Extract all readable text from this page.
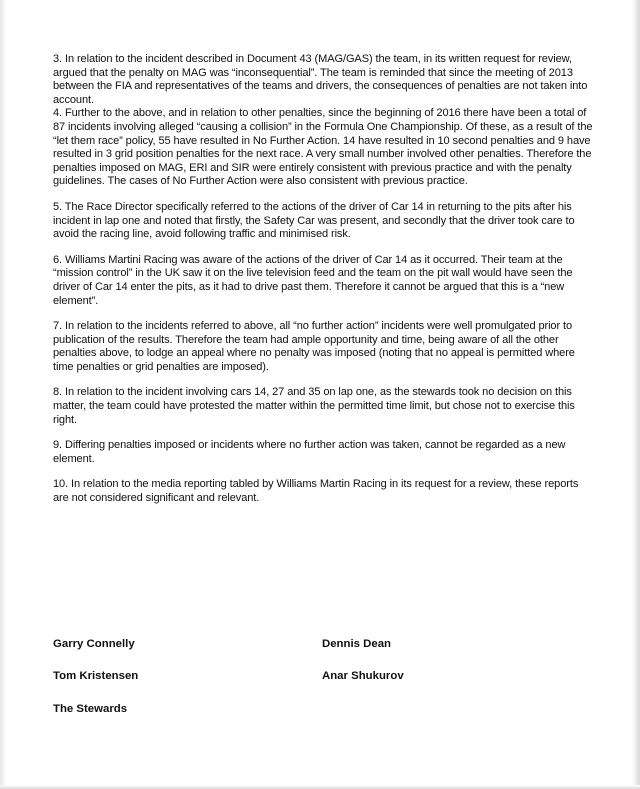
3. In relation to the incident described in Document 43 (MAG/GAS) the team, in its written request for review, argued that the penalty on MAG was “inconsequential”. The team is reminded that since the meeting of 2013 between the FIA and representatives of the teams and drivers, the consequences of penalties are not taken into account.

4. Further to the above, and in relation to other penalties, since the beginning of 2016 there have been a total of 87 incidents involving alleged “causing a collision” in the Formula One Championship. Of these, as a result of the “let them race” policy, 55 have resulted in No Further Action. 14 have resulted in 10 second penalties and 9 have resulted in 3 grid position penalties for the next race. A very small number involved other penalties. Therefore the penalties imposed on MAG, ERI and SIR were entirely consistent with previous practice and with the penalty guidelines. The cases of No Further Action were also consistent with previous practice.

5. The Race Director specifically referred to the actions of the driver of Car 14 in returning to the pits after his incident in lap one and noted that firstly, the Safety Car was present, and secondly that the driver took care to avoid the racing line, avoid following traffic and minimised risk.

6. Williams Martini Racing was aware of the actions of the driver of Car 14 as it occurred. Their team at the “mission control” in the UK saw it on the live television feed and the team on the pit wall would have seen the driver of Car 14 enter the pits, as it had to drive past them. Therefore it cannot be argued that this is a “new element”.

7. In relation to the incidents referred to above, all “no further action” incidents were well promulgated prior to publication of the results. Therefore the team had ample opportunity and time, being aware of all the other penalties above, to lodge an appeal where no penalty was imposed (noting that no appeal is permitted where time penalties or grid penalties are imposed).

8. In relation to the incident involving cars 14, 27 and 35 on lap one, as the stewards took no decision on this matter, the team could have protested the matter within the permitted time limit, but chose not to exercise this right.

9. Differing penalties imposed or incidents where no further action was taken, cannot be regarded as a new element.

10. In relation to the media reporting tabled by Williams Martin Racing in its request for a review, these reports are not considered significant and relevant.

Garry Connelly	Dennis Dean
Tom Kristensen	Anar Shukurov
The Stewards
